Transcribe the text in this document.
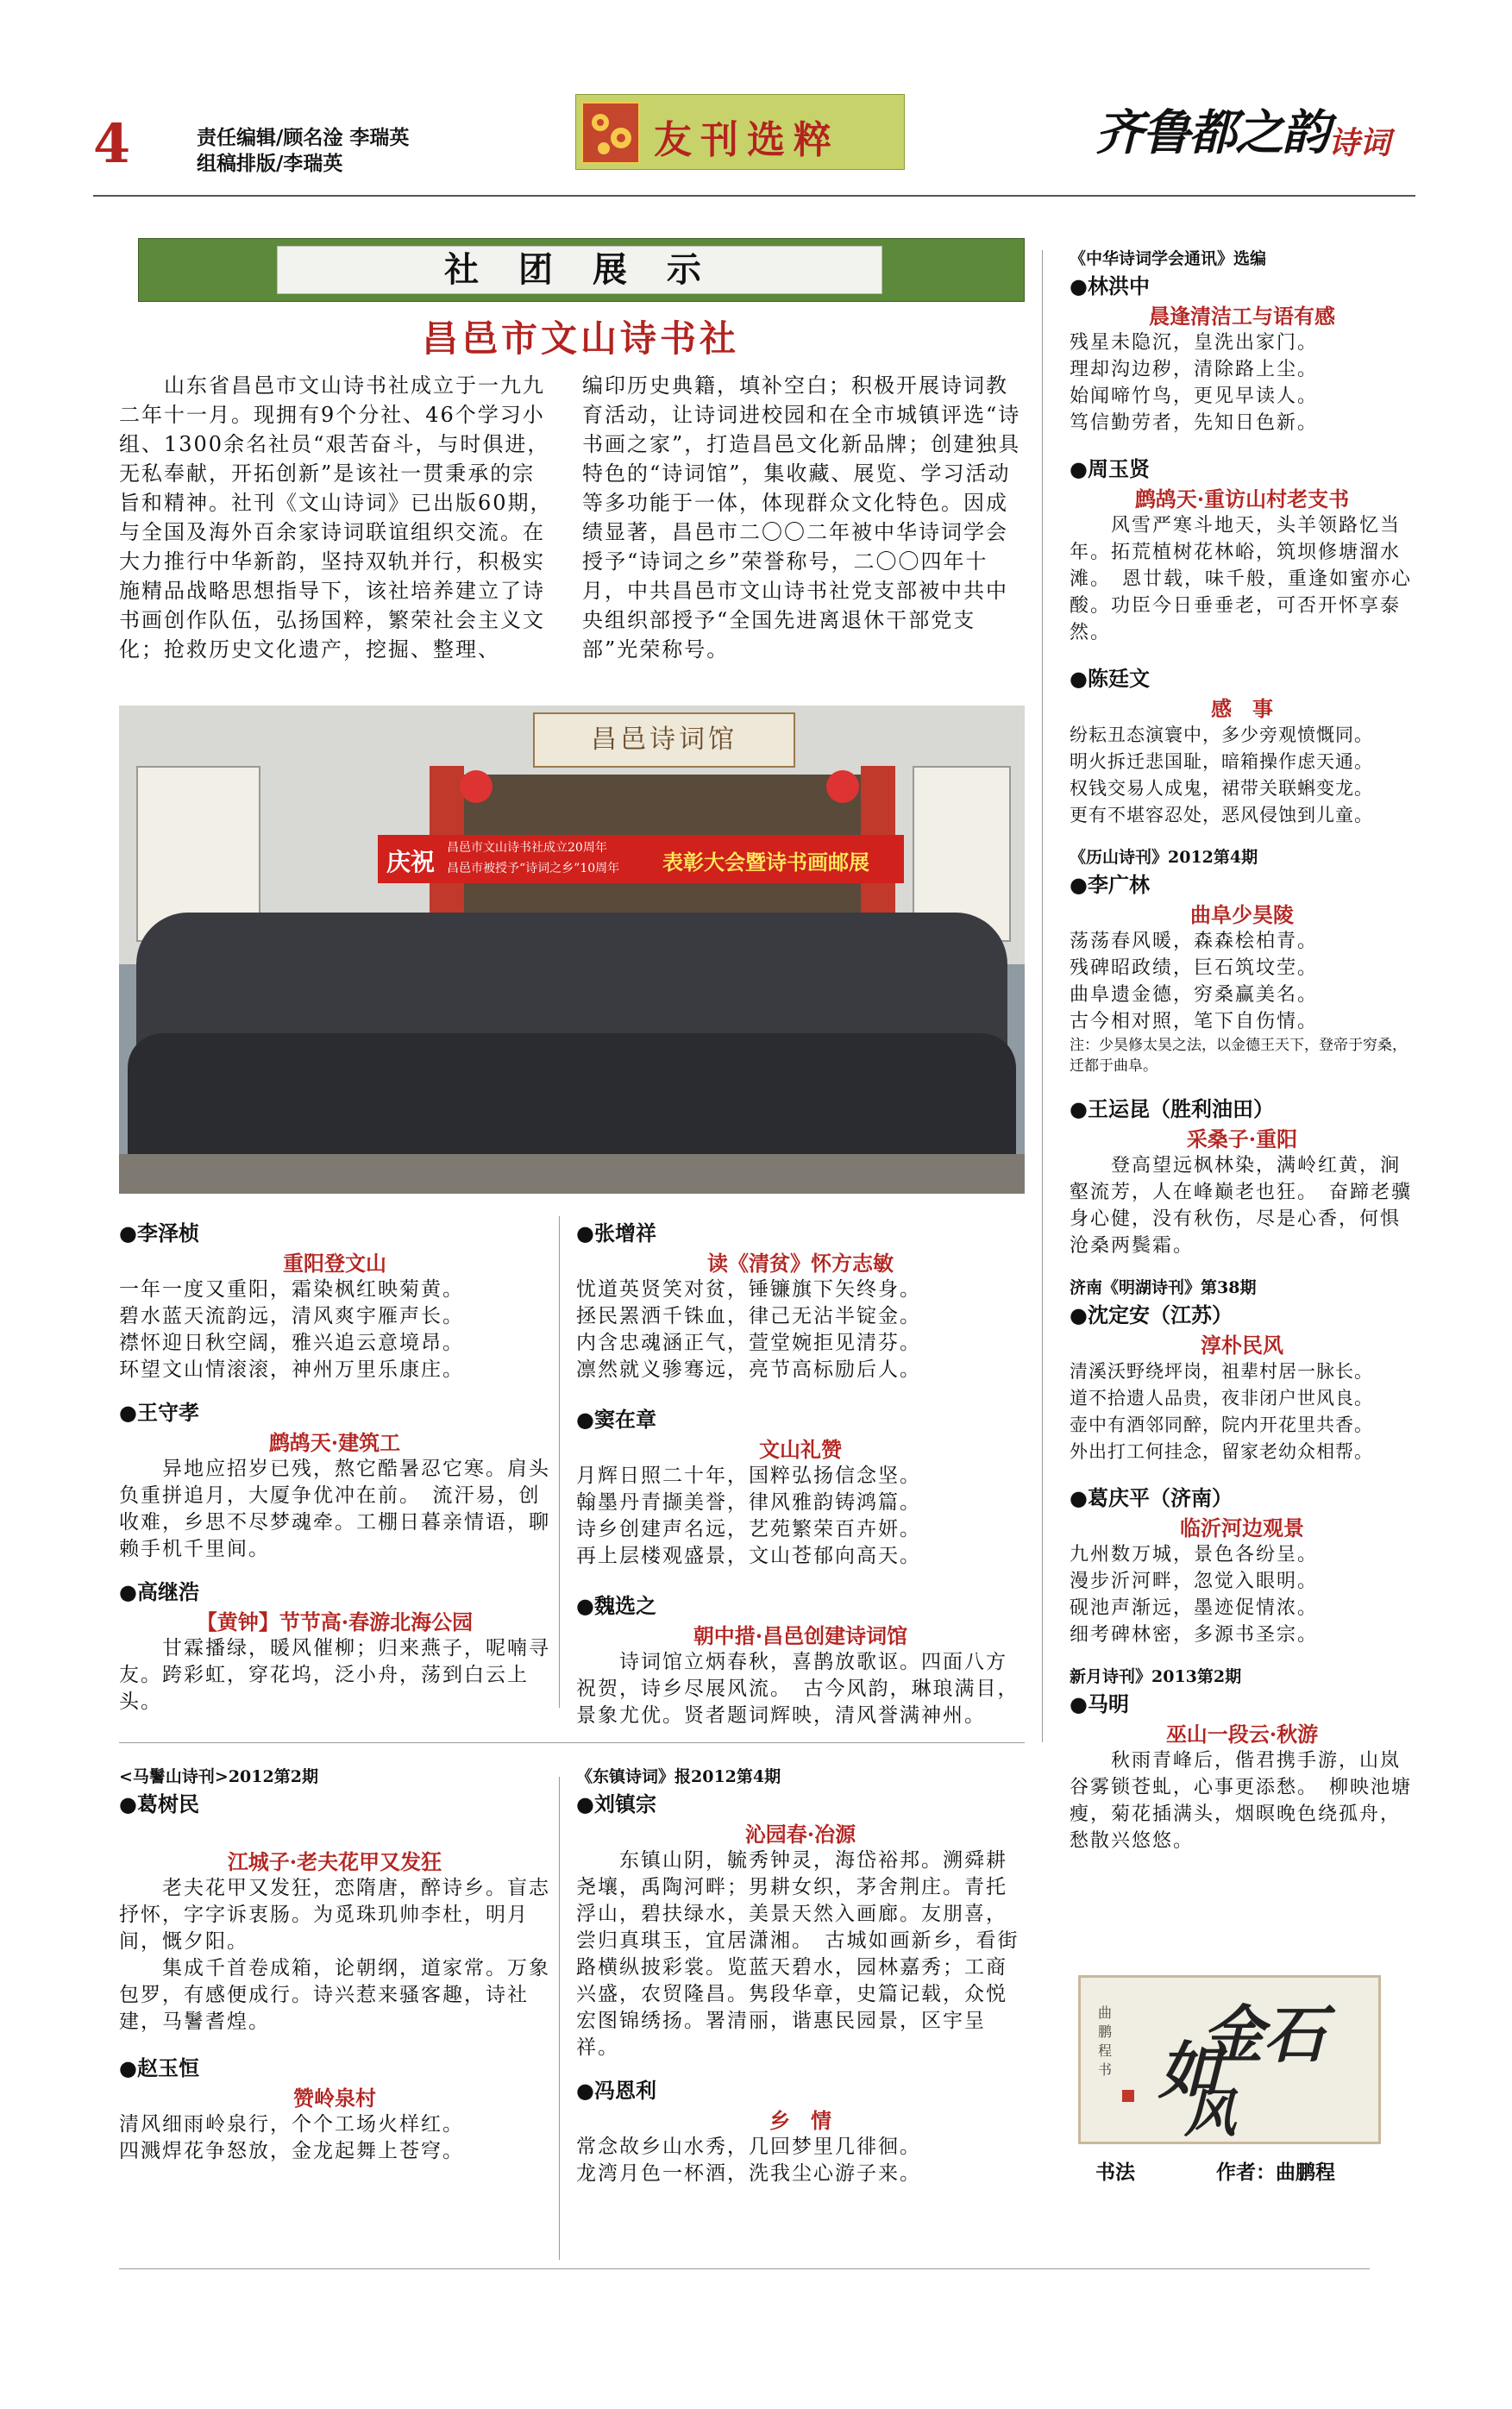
4	责任编辑/顾名淦 李瑞英
组稿排版/李瑞英
友刊选粹	齐鲁都之韵 诗词
社 团 展 示
昌邑市文山诗书社
　　山东省昌邑市文山诗书社成立于一九九二年十一月。现拥有9个分社、46个学习小组、1300余名社员“艰苦奋斗，与时俱进，无私奉献，开拓创新”是该社一贯秉承的宗旨和精神。社刊《文山诗词》已出版60期，与全国及海外百余家诗词联谊组织交流。在大力推行中华新韵，坚持双轨并行，积极实施精品战略思想指导下，该社培养建立了诗书画创作队伍，弘扬国粹，繁荣社会主义文化；抢救历史文化遗产，挖掘、整理、
编印历史典籍，填补空白；积极开展诗词教育活动，让诗词进校园和在全市城镇评选“诗书画之家”，打造昌邑文化新品牌；创建独具特色的“诗词馆”，集收藏、展览、学习活动等多功能于一体，体现群众文化特色。因成绩显著，昌邑市二〇〇二年被中华诗词学会授予“诗词之乡”荣誉称号，二〇〇四年十月，中共昌邑市文山诗书社党支部被中共中央组织部授予“全国先进离退休干部党支部”光荣称号。
昌邑诗词馆
庆祝 昌邑市文山诗书社成立20周年
昌邑市被授予“诗词之乡”10周年 表彰大会暨诗书画邮展
●李泽桢
重阳登文山
一年一度又重阳，霜染枫红映菊黄。
碧水蓝天流韵远，清风爽宇雁声长。
襟怀迎日秋空阔，雅兴追云意境昂。
环望文山情滚滚，神州万里乐康庄。
●王守孝
鹧鸪天·建筑工
　　异地应招岁已残，熬它酷暑忍它寒。肩头负重拼追月，大厦争优冲在前。　流汗易，创收难，乡思不尽梦魂牵。工棚日暮亲情语，聊赖手机千里间。
●高继浩
【黄钟】节节高·春游北海公园
　　甘霖播绿，暖风催柳；归来燕子，呢喃寻友。跨彩虹，穿花坞，泛小舟，荡到白云上头。
●张增祥
读《清贫》怀方志敏
忧道英贤笑对贫，锤镰旗下矢终身。
拯民罴洒千铢血，律己无沾半锭金。
内含忠魂涵正气，萱堂婉拒见清芬。
凛然就义骖骞远，亮节高标励后人。
●窦在章
文山礼赞
月辉日照二十年，国粹弘扬信念坚。
翰墨丹青撷美誉，律风雅韵铸鸿篇。
诗乡创建声名远，艺苑繁荣百卉妍。
再上层楼观盛景，文山苍郁向高天。
●魏选之
朝中措·昌邑创建诗词馆
　　诗词馆立炳春秋，喜鹊放歌讴。四面八方祝贺，诗乡尽展风流。　古今风韵，琳琅满目，景象尤优。贤者题词辉映，清风誉满神州。
《中华诗词学会通讯》选编
●林洪中
晨逢清洁工与语有感
残星未隐沉，皇洗出家门。
理却沟边秽，清除路上尘。
始闻啼竹鸟，更见早读人。
笃信勤劳者，先知日色新。
●周玉贤
鹧鸪天·重访山村老支书
　　风雪严寒斗地天，头羊领路忆当年。拓荒植树花林峪，筑坝修塘溜水滩。　恩廿载，味千般，重逢如蜜亦心酸。功臣今日垂垂老，可否开怀享泰然。
●陈廷文
感　事
纷耘丑态演寰中，多少旁观愤慨同。
明火拆迁悲国耻，暗箱操作虑天通。
权钱交易人成鬼，裙带关联蝌变龙。
更有不堪容忍处，恶风侵蚀到儿童。
《历山诗刊》2012第4期
●李广林
曲阜少昊陵
荡荡春风暖，森森桧柏青。
残碑昭政绩，巨石筑坟茔。
曲阜遗金德，穷桑赢美名。
古今相对照，笔下自伤情。
注：少昊修太昊之法，以金德王天下，登帝于穷桑，迁都于曲阜。
●王运昆（胜利油田）
采桑子·重阳
　　登高望远枫林染，满岭红黄，涧壑流芳，人在峰巅老也狂。　奋蹄老骥身心健，没有秋伤，尽是心香，何惧沧桑两鬓霜。
济南《明湖诗刊》第38期
●沈定安（江苏）
淳朴民风
清溪沃野绕坪岗，祖辈村居一脉长。
道不拾遗人品贵，夜非闭户世风良。
壶中有酒邻同醉，院内开花里共香。
外出打工何挂念，留家老幼众相帮。
●葛庆平（济南）
临沂河边观景
九州数万城，景色各纷呈。
漫步沂河畔，忽觉入眼明。
砚池声渐远，墨迹促情浓。
细考碑林密，多源书圣宗。
新月诗刊》2013第2期
●马明
巫山一段云·秋游
　　秋雨青峰后，偕君携手游，山岚谷雾锁苍虬，心事更添愁。　柳映池塘瘦，菊花插满头，烟暝晚色绕孤舟，愁散兴悠悠。
金石
如
风
曲鹏程书
书法	作者：曲鹏程
<马鬐山诗刊>2012第2期
●葛树民
江城子·老夫花甲又发狂
　　老夫花甲又发狂，恋隋唐，醉诗乡。盲志抒怀，字字诉衷肠。为觅珠玑帅李杜，明月间，慨夕阳。
　　集成千首卷成箱，论朝纲，道家常。万象包罗，有感便成行。诗兴惹来骚客趣，诗社建，马鬐耆煌。
●赵玉恒
赞岭泉村
清风细雨岭泉行，个个工场火样红。
四溅焊花争怒放，金龙起舞上苍穹。
《东镇诗词》报2012第4期
●刘镇宗
沁园春·冶源
　　东镇山阴，毓秀钟灵，海岱裕邦。溯舜耕尧壤，禹陶河畔；男耕女织，茅舍荆庄。青托浮山，碧扶绿水，美景天然入画廊。友朋喜，尝归真琪玉，宜居潇湘。　古城如画新乡，看街路横纵披彩裳。览蓝天碧水，园林嘉秀；工商兴盛，农贸隆昌。隽段华章，史篇记载，众悦宏图锦绣扬。署清丽，谐惠民园景，区宇呈祥。
●冯恩利
乡　情
常念故乡山水秀，几回梦里几徘徊。
龙湾月色一杯酒，洗我尘心游子来。
